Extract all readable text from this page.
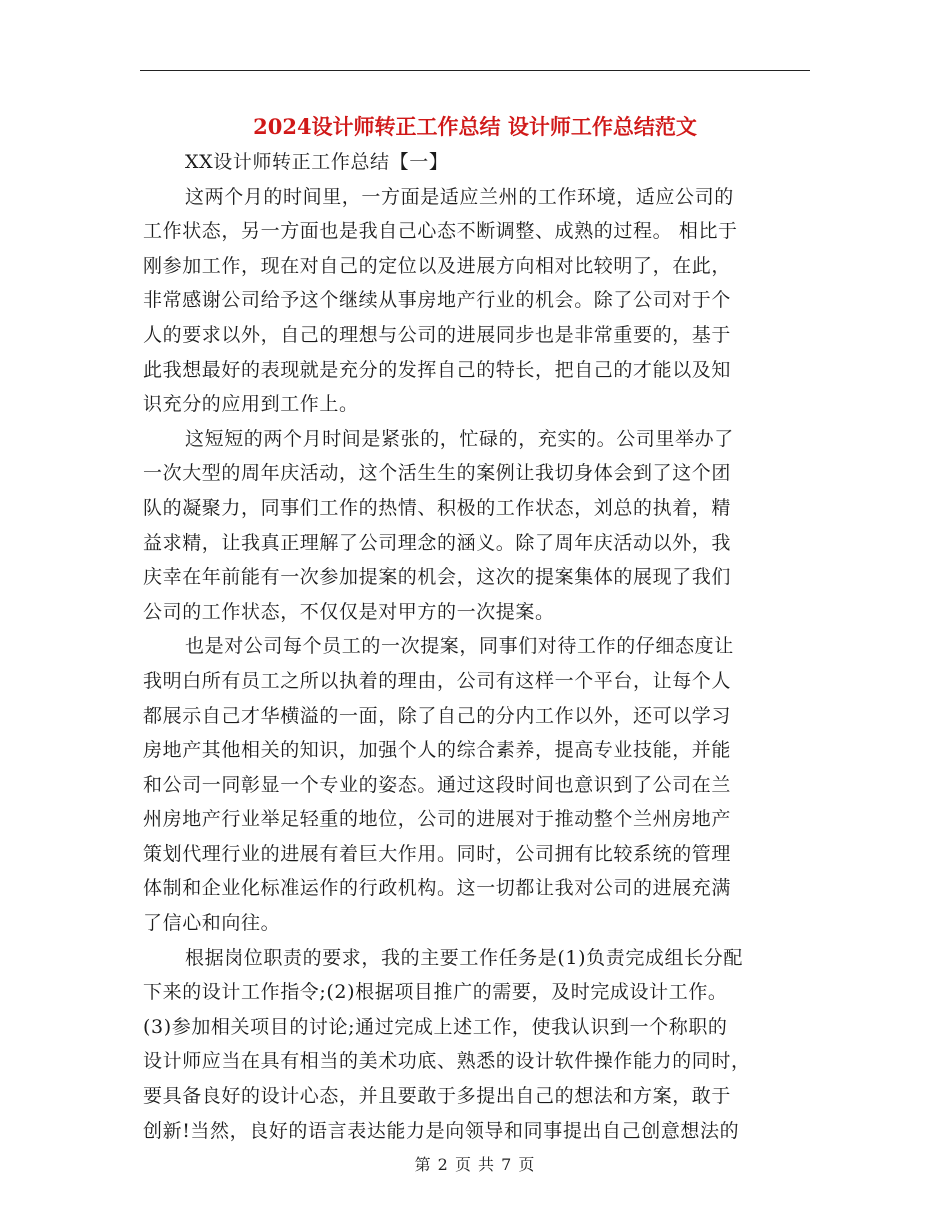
2024设计师转正工作总结 设计师工作总结范文
XX设计师转正工作总结【一】
这两个月的时间里，一方面是适应兰州的工作环境，适应公司的
工作状态，另一方面也是我自己心态不断调整、成熟的过程。 相比于
刚参加工作，现在对自己的定位以及进展方向相对比较明了，在此，
非常感谢公司给予这个继续从事房地产行业的机会。除了公司对于个
人的要求以外，自己的理想与公司的进展同步也是非常重要的，基于
此我想最好的表现就是充分的发挥自己的特长，把自己的才能以及知
识充分的应用到工作上。
这短短的两个月时间是紧张的，忙碌的，充实的。公司里举办了
一次大型的周年庆活动，这个活生生的案例让我切身体会到了这个团
队的凝聚力，同事们工作的热情、积极的工作状态，刘总的执着，精
益求精，让我真正理解了公司理念的涵义。除了周年庆活动以外，我
庆幸在年前能有一次参加提案的机会，这次的提案集体的展现了我们
公司的工作状态，不仅仅是对甲方的一次提案。
也是对公司每个员工的一次提案，同事们对待工作的仔细态度让
我明白所有员工之所以执着的理由，公司有这样一个平台，让每个人
都展示自己才华横溢的一面，除了自己的分内工作以外，还可以学习
房地产其他相关的知识，加强个人的综合素养，提高专业技能，并能
和公司一同彰显一个专业的姿态。通过这段时间也意识到了公司在兰
州房地产行业举足轻重的地位，公司的进展对于推动整个兰州房地产
策划代理行业的进展有着巨大作用。同时，公司拥有比较系统的管理
体制和企业化标准运作的行政机构。这一切都让我对公司的进展充满
了信心和向往。
根据岗位职责的要求，我的主要工作任务是(1)负责完成组长分配
下来的设计工作指令;(2)根据项目推广的需要，及时完成设计工作。
(3)参加相关项目的讨论;通过完成上述工作，使我认识到一个称职的
设计师应当在具有相当的美术功底、熟悉的设计软件操作能力的同时，
要具备良好的设计心态，并且要敢于多提出自己的想法和方案，敢于
创新!当然，良好的语言表达能力是向领导和同事提出自己创意想法的
第 2 页 共 7 页
